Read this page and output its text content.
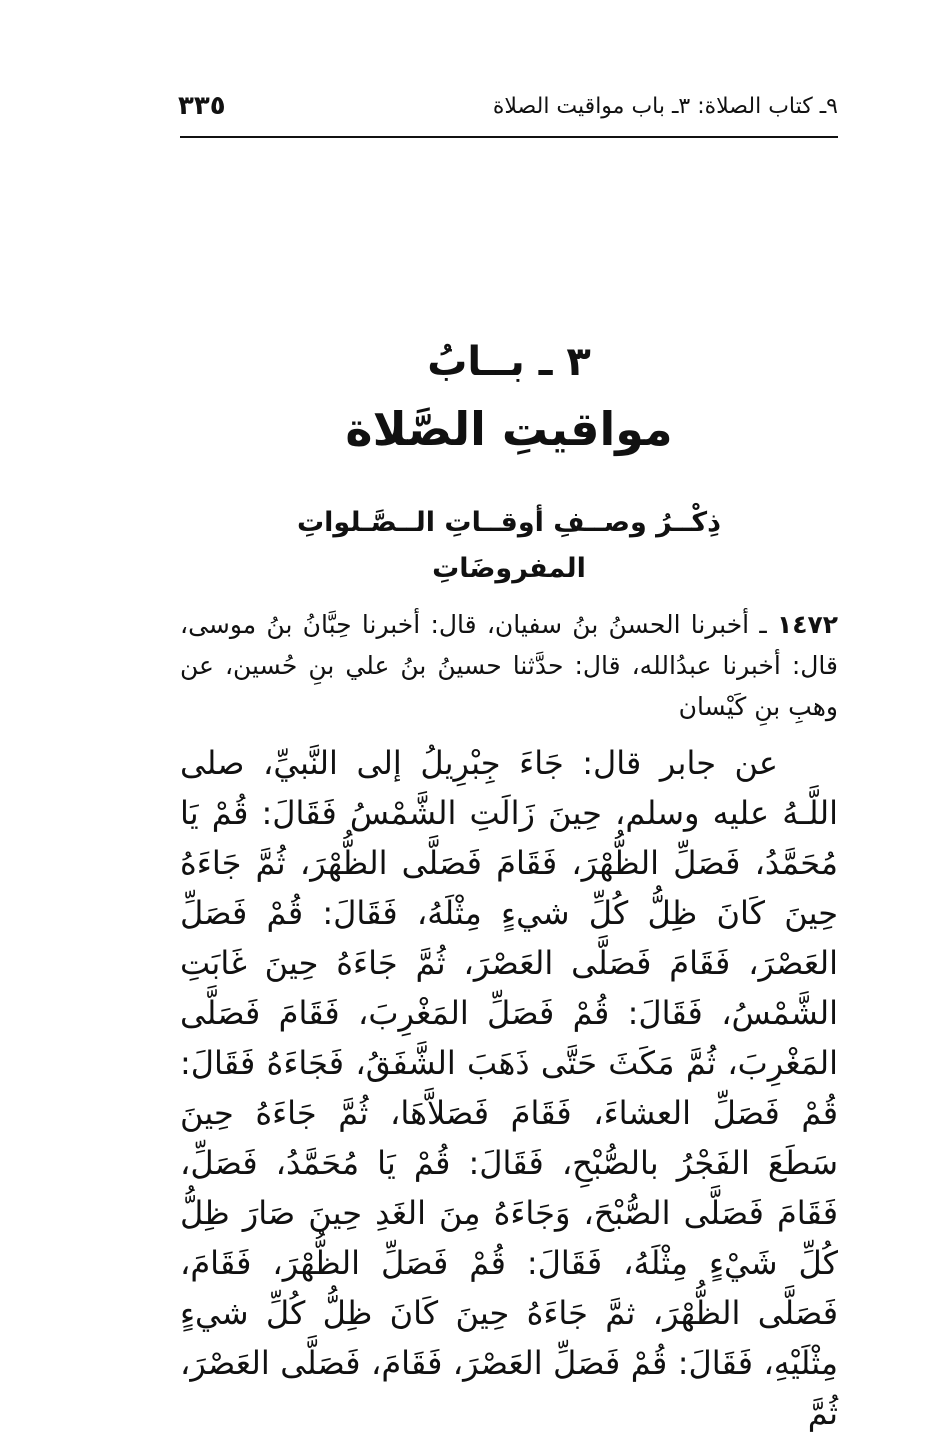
٩ـ كتاب الصلاة: ٣ـ باب مواقيت الصلاة
٣٣٥
٣ ـ بــابُ
مواقيتِ الصَّلاة
ذِكْــرُ وصــفِ أوقــاتِ الــصَّـلواتِ
المفروضَاتِ
١٤٧٢ ـ أخبرنا الحسنُ بنُ سفيان، قال: أخبرنا حِبَّانُ بنُ موسى، قال: أخبرنا عبدُالله، قال: حدَّثنا حسينُ بنُ علي بنِ حُسين، عن وهبِ بنِ كَيْسان

عن جابر قال: جَاءَ جِبْرِيلُ إلى النَّبيِّ، صلى اللَّـهُ عليه وسلم، حِينَ زَالَتِ الشَّمْسُ فَقَالَ: قُمْ يَا مُحَمَّدُ، فَصَلِّ الظُّهْرَ، فَقَامَ فَصَلَّى الظُّهْرَ، ثُمَّ جَاءَهُ حِينَ كَانَ ظِلُّ كُلِّ شيءٍ مِثْلَهُ، فَقَالَ: قُمْ فَصَلِّ العَصْرَ، فَقَامَ فَصَلَّى العَصْرَ، ثُمَّ جَاءَهُ حِينَ غَابَتِ الشَّمْسُ، فَقَالَ: قُمْ فَصَلِّ المَغْرِبَ، فَقَامَ فَصَلَّى المَغْرِبَ، ثُمَّ مَكَثَ حَتَّى ذَهَبَ الشَّفَقُ، فَجَاءَهُ فَقَالَ: قُمْ فَصَلِّ العشاءَ، فَقَامَ فَصَلاَّهَا، ثُمَّ جَاءَهُ حِينَ سَطَعَ الفَجْرُ بالصُّبْحِ، فَقَالَ: قُمْ يَا مُحَمَّدُ، فَصَلِّ، فَقَامَ فَصَلَّى الصُّبْحَ، وَجَاءَهُ مِنَ الغَدِ حِينَ صَارَ ظِلُّ كُلِّ شَيْءٍ مِثْلَهُ، فَقَالَ: قُمْ فَصَلِّ الظُّهْرَ، فَقَامَ، فَصَلَّى الظُّهْرَ، ثمَّ جَاءَهُ حِينَ كَانَ ظِلُّ كُلِّ شيءٍ مِثْلَيْهِ، فَقَالَ: قُمْ فَصَلِّ العَصْرَ، فَقَامَ، فَصَلَّى العَصْرَ، ثُمَّ
